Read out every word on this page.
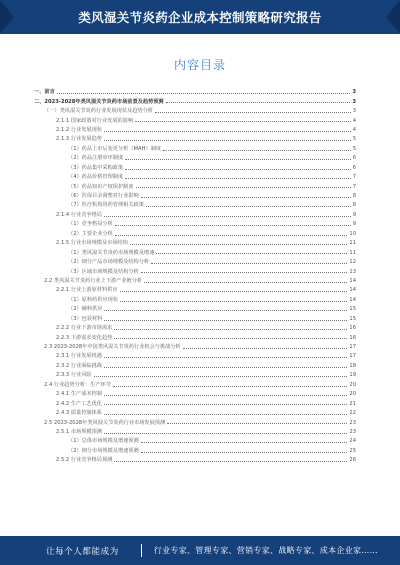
类风湿关节炎药企业成本控制策略研究报告
内容目录
一、前言	3
二、2023-2028年类风湿关节炎药市场前景及趋势预测	3
（一）类风湿关节炎药行业发展现状及趋势分析	3
2.1.1 国家政策对行业发展的影响	4
2.1.2 行业发展现状	4
2.1.3 行业发展趋势	5
（1）药品上市后变更分析（MAH）制度	5
（2）药品注册审评制度	6
（3）药品集中采购政策	6
（4）药品价格管理制度	7
（5）药品知识产权保护制度	7
（6）医保目录调整对行业影响	8
（7）医疗机构用药管理相关政策	8
2.1.4 行业竞争格局	9
（1）竞争格局分析	9
（2）主要企业分析	10
2.1.5 行业市场规模及市场结构	11
（1）类风湿关节炎药市场规模及增速	11
（2）细分产品市场规模及结构分析	12
（3）区域市场规模及结构分析	13
2.2 类风湿关节炎药行业上下游产业链分析	14
2.2.1 行业上游原材料供应	14
（1）原料药供应现状	14
（2）辅料供应	15
（3）包装材料	15
2.2.2 行业下游市场需求	16
2.2.3 下游需求变化趋势	16
2.3 2023-2028年中国类风湿关节炎药行业机会与挑战分析	17
2.3.1 行业发展机遇	17
2.3.2 行业面临挑战	18
2.3.3 行业风险	19
2.4 行业趋势分析：生产环节	20
2.4.1 生产成本控制	20
2.4.2 生产工艺优化	21
2.4.3 质量控制体系	22
2.5 2023-2028年类风湿关节炎药行业市场发展预测	23
2.5.1 市场规模预测	23
（1）总体市场规模及增速预测	24
（2）细分市场规模及增速预测	25
2.5.2 行业竞争格局预测	26
让每个人都能成为	行业专家、管理专家、营销专家、战略专家、成本企业家……
